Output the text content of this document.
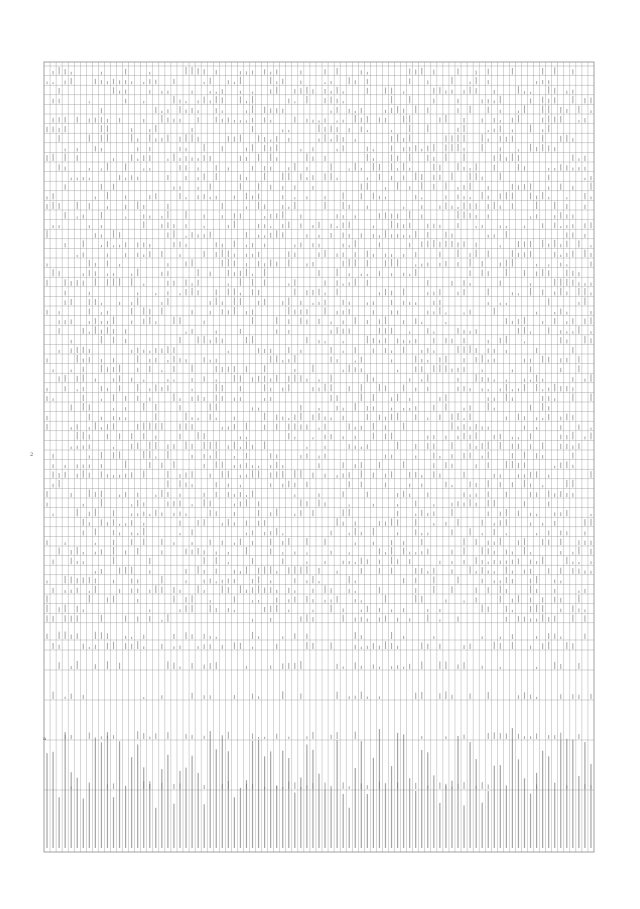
2
a
